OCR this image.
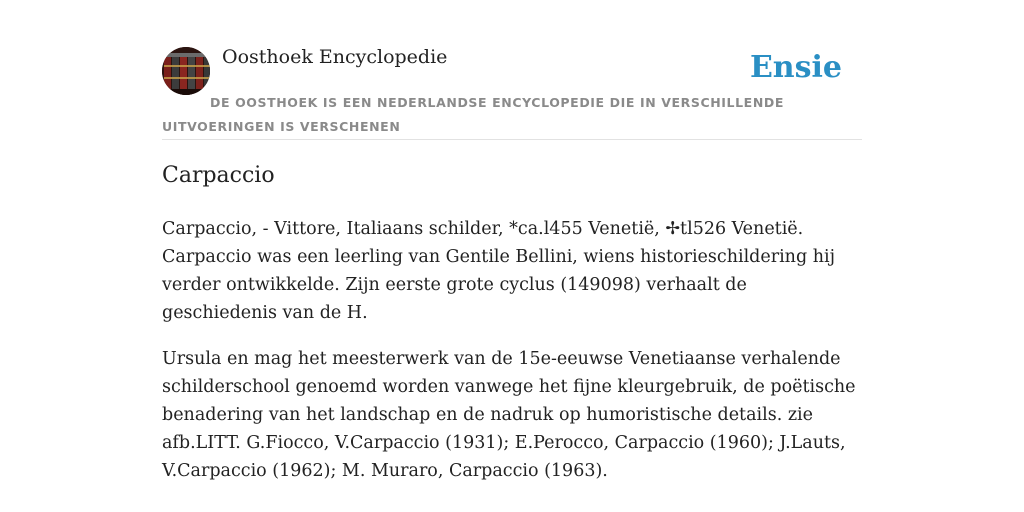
Oosthoek Encyclopedie	Ensie
DE OOSTHOEK IS EEN NEDERLANDSE ENCYCLOPEDIE DIE IN VERSCHILLENDE UITVOERINGEN IS VERSCHENEN
Carpaccio

Carpaccio, - Vittore, Italiaans schilder, *ca.l455 Venetië, ✢tl526 Venetië. Carpaccio was een leerling van Gentile Bellini, wiens historieschildering hij verder ontwikkelde. Zijn eerste grote cyclus (149098) verhaalt de geschiedenis van de H.

Ursula en mag het meesterwerk van de 15e-eeuwse Venetiaanse verhalende schilderschool genoemd worden vanwege het fijne kleurgebruik, de poëtische benadering van het landschap en de nadruk op humoristische details. zie afb.LITT. G.Fiocco, V.Carpaccio (1931); E.Perocco, Carpaccio (1960); J.Lauts, V.Carpaccio (1962); M. Muraro, Carpaccio (1963).
